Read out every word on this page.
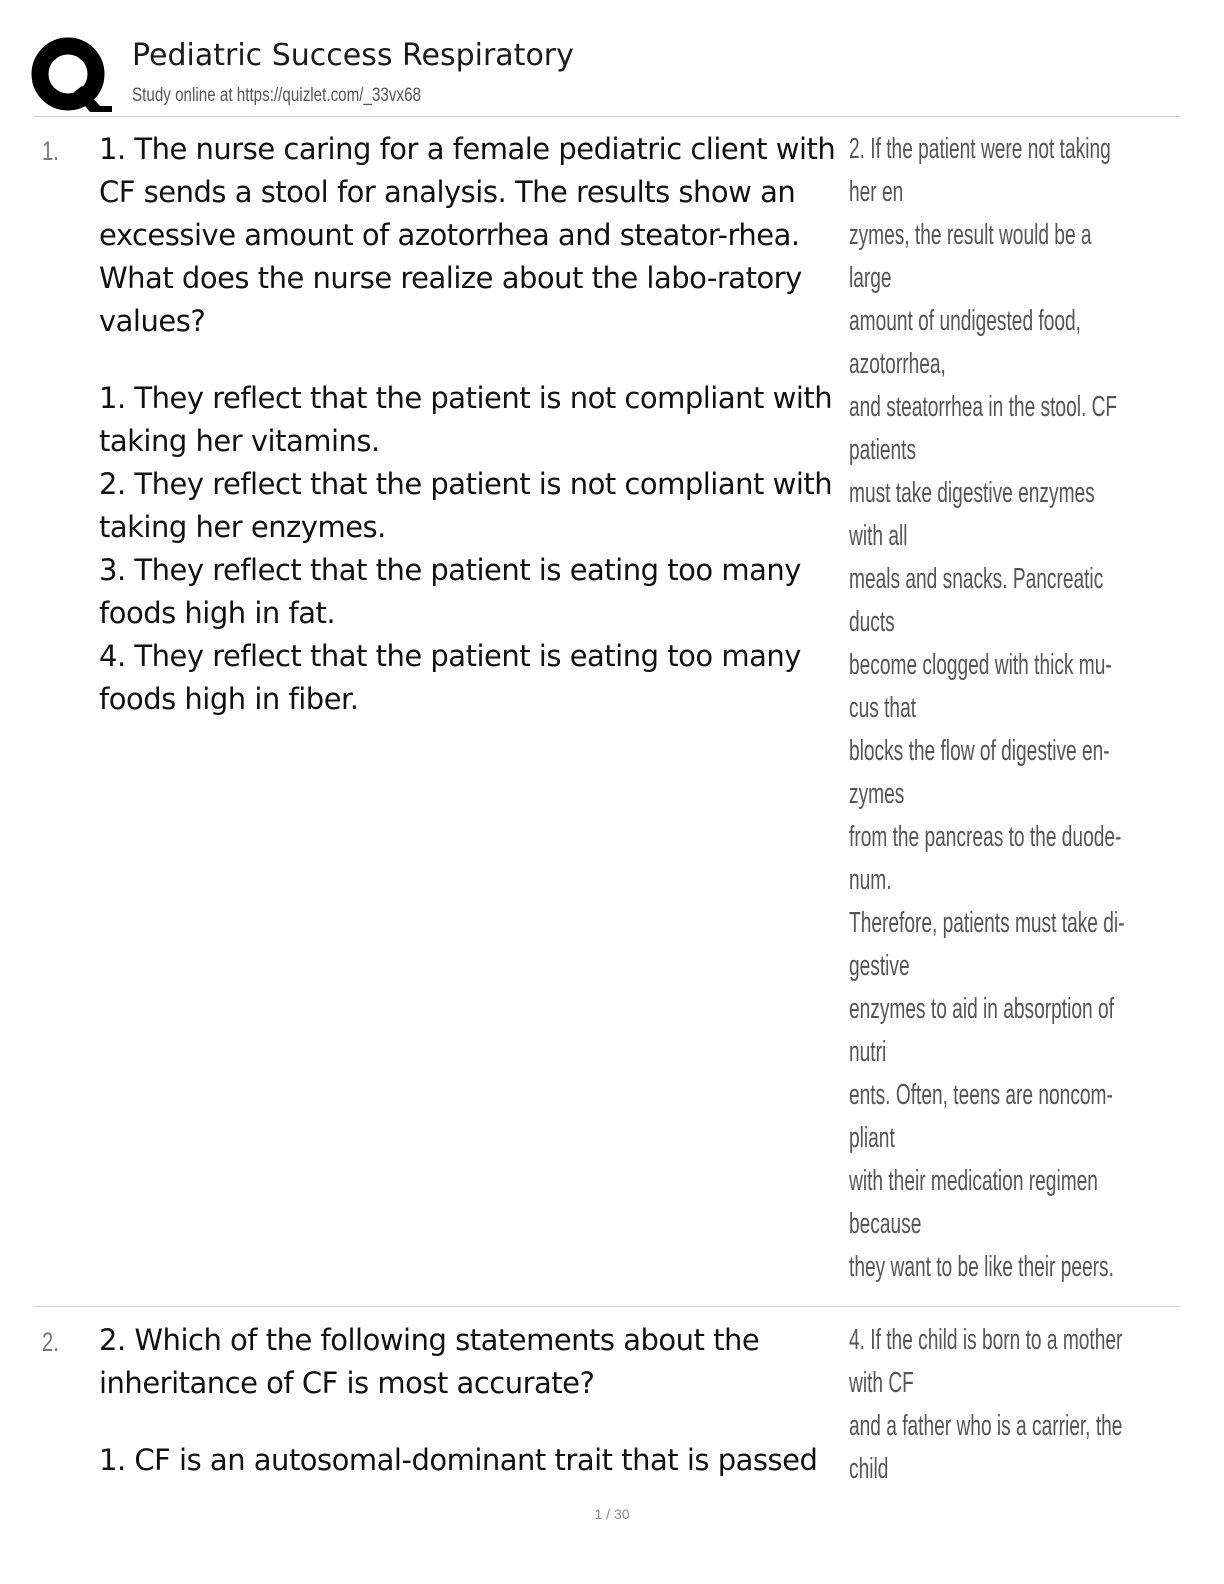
Pediatric Success Respiratory
Study online at https://quizlet.com/_33vx68
1. 1. The nurse caring for a female pediatric client with CF sends a stool for analysis. The results show an excessive amount of azotorrhea and steator-rhea. What does the nurse realize about the labo-ratory values?

1. They reflect that the patient is not compliant with taking her vitamins.

2. They reflect that the patient is not compliant with taking her enzymes.

3. They reflect that the patient is eating too many foods high in fat.

4. They reflect that the patient is eating too many foods high in fiber.

2. If the patient were not taking
her en
zymes, the result would be a
large
amount of undigested food,
azotorrhea,
and steatorrhea in the stool. CF
patients
must take digestive enzymes
with all
meals and snacks. Pancreatic
ducts
become clogged with thick mu-
cus that
blocks the flow of digestive en-
zymes
from the pancreas to the duode-
num.
Therefore, patients must take di-
gestive
enzymes to aid in absorption of
nutri
ents. Often, teens are noncom-
pliant
with their medication regimen
because
they want to be like their peers.
2. 2. Which of the following statements about the inheritance of CF is most accurate?

1. CF is an autosomal-dominant trait that is passed

4. If the child is born to a mother
with CF
and a father who is a carrier, the
child
1 / 30
